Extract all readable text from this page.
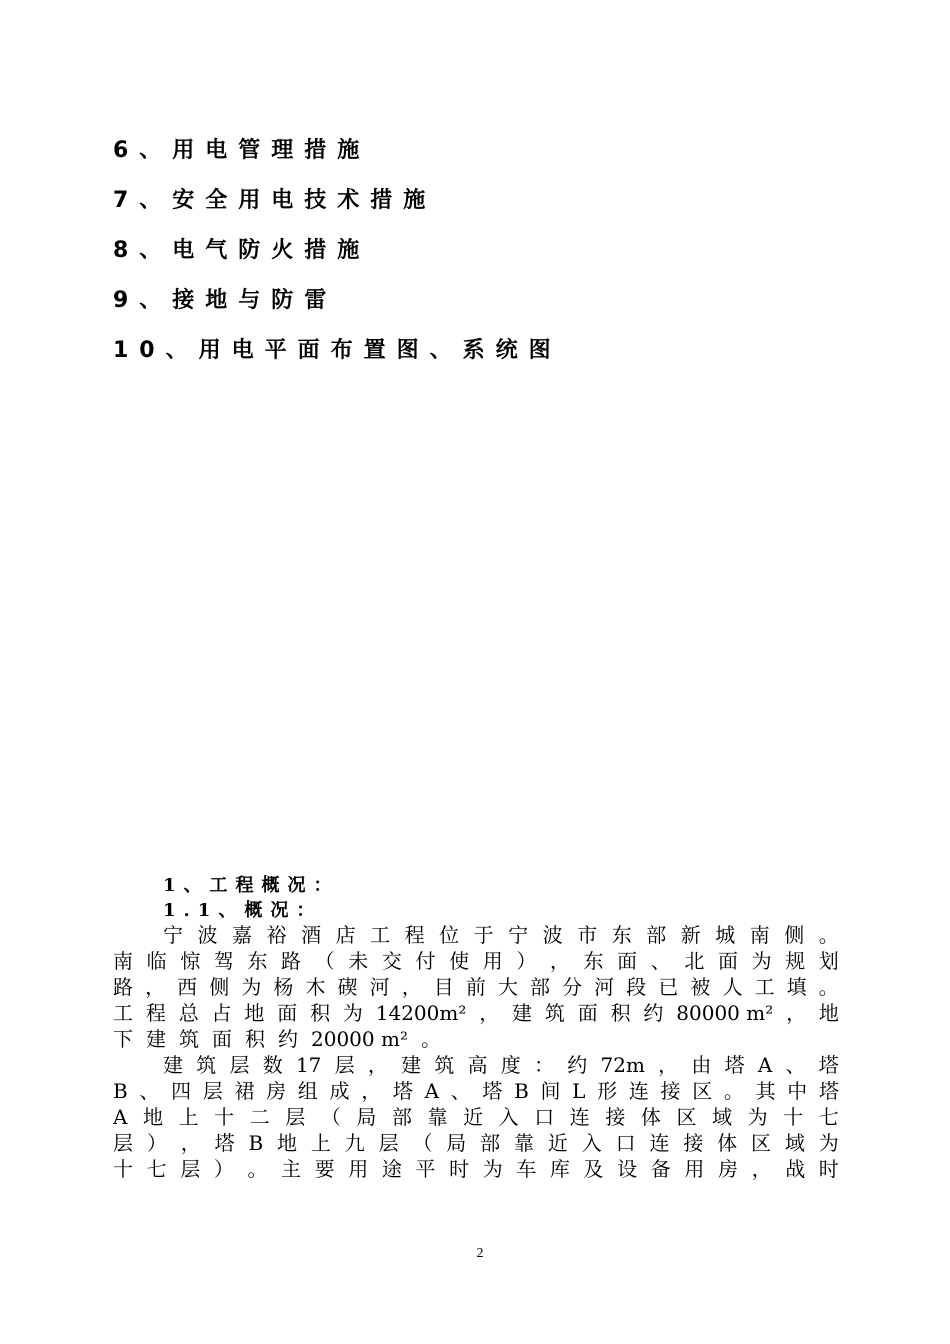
6、用电管理措施
7、安全用电技术措施
8、电气防火措施
9、接地与防雷
10、用电平面布置图、系统图
1、工程概况：
1.1、概况：
宁 波 嘉 裕 酒 店 工 程 位 于 宁 波 市 东 部 新 城 南 侧 。
南 临 惊 驾 东 路 （ 未 交 付 使 用 ） ， 东 面 、 北 面 为 规 划
路 ， 西 侧 为 杨 木 碶 河 ， 目 前 大 部 分 河 段 已 被 人 工 填 。
工 程 总 占 地 面 积 为 14200m² ， 建 筑 面 积 约 80000 m² ， 地
下 建 筑 面 积 约 20000 m² 。
建 筑 层 数 17 层 ， 建 筑 高 度 ： 约 72m ， 由 塔 A 、 塔
B 、 四 层 裙 房 组 成 ， 塔 A 、 塔 B 间 L 形 连 接 区 。 其 中 塔
A 地 上 十 二 层 （ 局 部 靠 近 入 口 连 接 体 区 域 为 十 七
层 ） ， 塔 B 地 上 九 层 （ 局 部 靠 近 入 口 连 接 体 区 域 为
十 七 层 ） 。 主 要 用 途 平 时 为 车 库 及 设 备 用 房 ， 战 时
2
